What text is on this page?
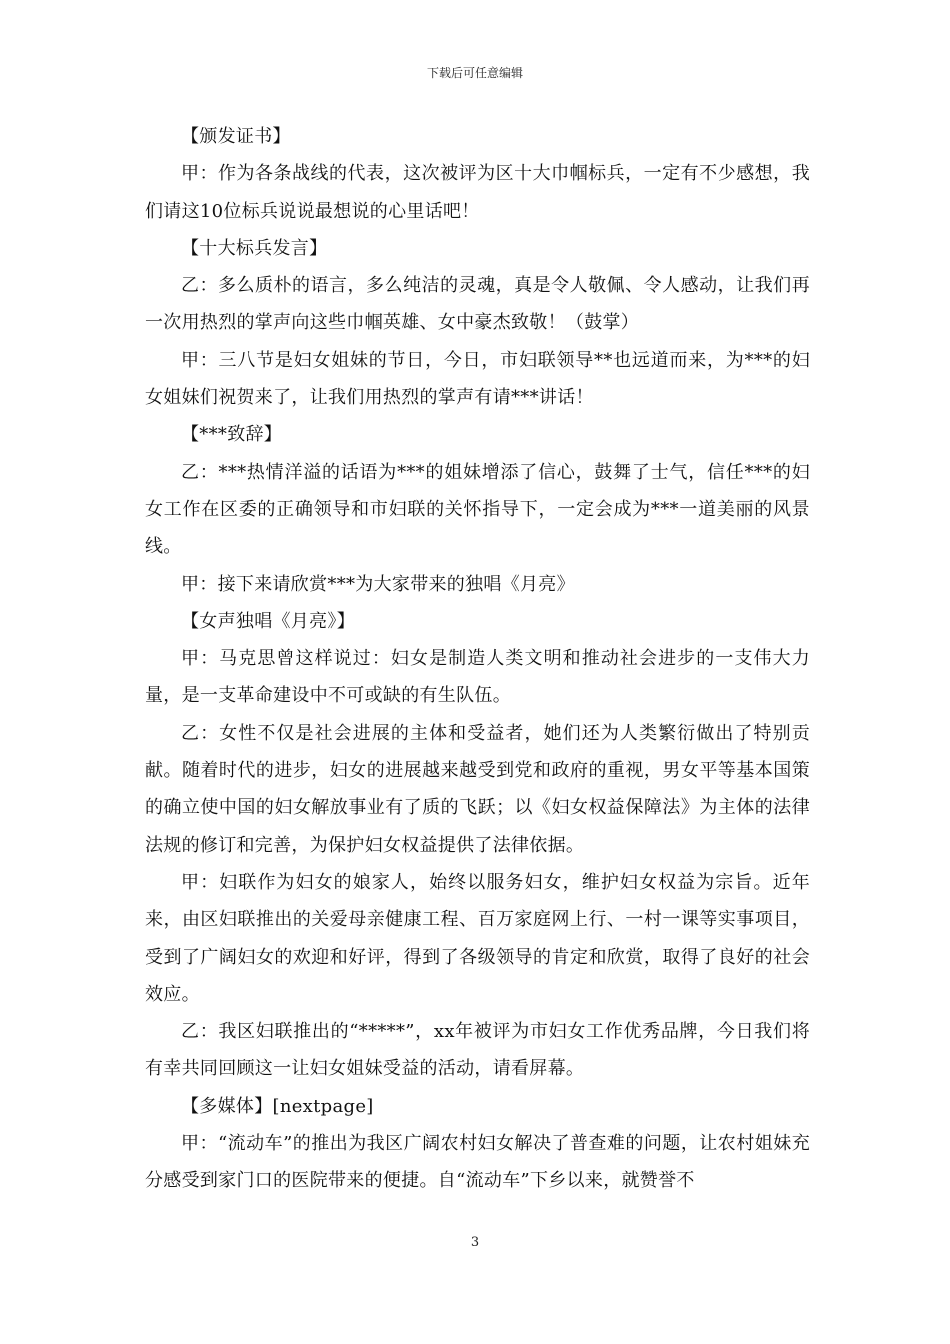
下载后可任意编辑

【颁发证书】

甲：作为各条战线的代表，这次被评为区十大巾帼标兵，一定有不少感想，我们请这10位标兵说说最想说的心里话吧！

【十大标兵发言】

乙：多么质朴的语言，多么纯洁的灵魂，真是令人敬佩、令人感动，让我们再一次用热烈的掌声向这些巾帼英雄、女中豪杰致敬！（鼓掌）

甲：三八节是妇女姐妹的节日，今日，市妇联领导**也远道而来，为***的妇女姐妹们祝贺来了，让我们用热烈的掌声有请***讲话！

【***致辞】

乙：***热情洋溢的话语为***的姐妹增添了信心，鼓舞了士气，信任***的妇女工作在区委的正确领导和市妇联的关怀指导下，一定会成为***一道美丽的风景线。

甲：接下来请欣赏***为大家带来的独唱《月亮》

【女声独唱《月亮》】

甲：马克思曾这样说过：妇女是制造人类文明和推动社会进步的一支伟大力量，是一支革命建设中不可或缺的有生队伍。

乙：女性不仅是社会进展的主体和受益者，她们还为人类繁衍做出了特别贡献。随着时代的进步，妇女的进展越来越受到党和政府的重视，男女平等基本国策的确立使中国的妇女解放事业有了质的飞跃；以《妇女权益保障法》为主体的法律法规的修订和完善，为保护妇女权益提供了法律依据。

甲：妇联作为妇女的娘家人，始终以服务妇女，维护妇女权益为宗旨。近年来，由区妇联推出的关爱母亲健康工程、百万家庭网上行、一村一课等实事项目，受到了广阔妇女的欢迎和好评，得到了各级领导的肯定和欣赏，取得了良好的社会效应。

乙：我区妇联推出的“*****”，xx年被评为市妇女工作优秀品牌，今日我们将有幸共同回顾这一让妇女姐妹受益的活动，请看屏幕。

【多媒体】[nextpage]

甲：“流动车”的推出为我区广阔农村妇女解决了普查难的问题，让农村姐妹充分感受到家门口的医院带来的便捷。自“流动车”下乡以来，就赞誉不

3
